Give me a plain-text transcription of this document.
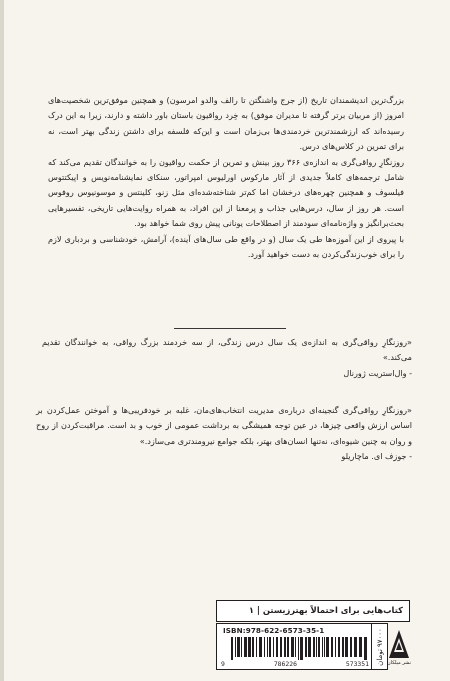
بزرگ‌ترین اندیشمندان تاریخ (از جرج واشنگتن تا رالف والدو امرسون) و همچنین موفق‌ترین شخصیت‌های امروز (از مربیان برتر گرفته تا مدیران موفق) به خِرد رواقیون باستان باور داشته و دارند، زیرا به این درک رسیده‌اند که ارزشمندترین خردمندی‌ها بی‌زمان است و این‌که فلسفه برای داشتن زندگی بهتر است، نه برای تمرین در کلاس‌های درس.

روزنگارِ رواقی‌گری به اندازه‌ی ۳۶۶ روز بینش و تمرین از حکمت رواقیون را به خوانندگان تقدیم می‌کند که شامل ترجمه‌های کاملاً جدیدی از آثار مارکوس اورلیوس امپراتور، سنکای نمایشنامه‌نویس و اپیکتتوس فیلسوف و همچنین چهره‌های درخشان اما کم‌تر شناخته‌شده‌ای مثل زنو، کلینتس و موسونیوس روفوس است. هر روز از سال، درس‌هایی جذاب و پرمعنا از این افراد، به همراه روایت‌هایی تاریخی، تفسیرهایی بحث‌برانگیز و واژه‌نامه‌ای سودمند از اصطلاحات یونانی پیش روی شما خواهد بود.

با پیروی از این آموزه‌ها طی یک سال (و در واقع طی سال‌های آینده)، آرامش، خودشناسی و بردباری لازم را برای خوب‌زندگی‌کردن به دست خواهید آورد.

«روزنگارِ رواقی‌گری به اندازه‌ی یک سال درس زندگی، از سه خردمند بزرگ رواقی، به خوانندگان تقدیم می‌کند.»

- وال‌استریت ژورنال

«روزنگارِ رواقی‌گری گنجینه‌ای درباره‌ی مدیریت انتخاب‌های‌مان، غلبه بر خودفریبی‌ها و آموختن عمل‌کردن بر اساس ارزش واقعی چیزها، در عین توجه همیشگی به برداشت عمومی از خوب و بد است. مراقبت‌کردن از روح و روان به چنین شیوه‌ای، نه‌تنها انسان‌های بهتر، بلکه جوامع نیرومندتری می‌سازد.»

- جوزف ای. ماچاریلو
کتاب‌هایی برای احتمالاً بهترزیستن | ۱
ISBN:978-622-6573-35-1
9	786226	573351 ۹۷۰۰۰ تومان
نشر میلکان
